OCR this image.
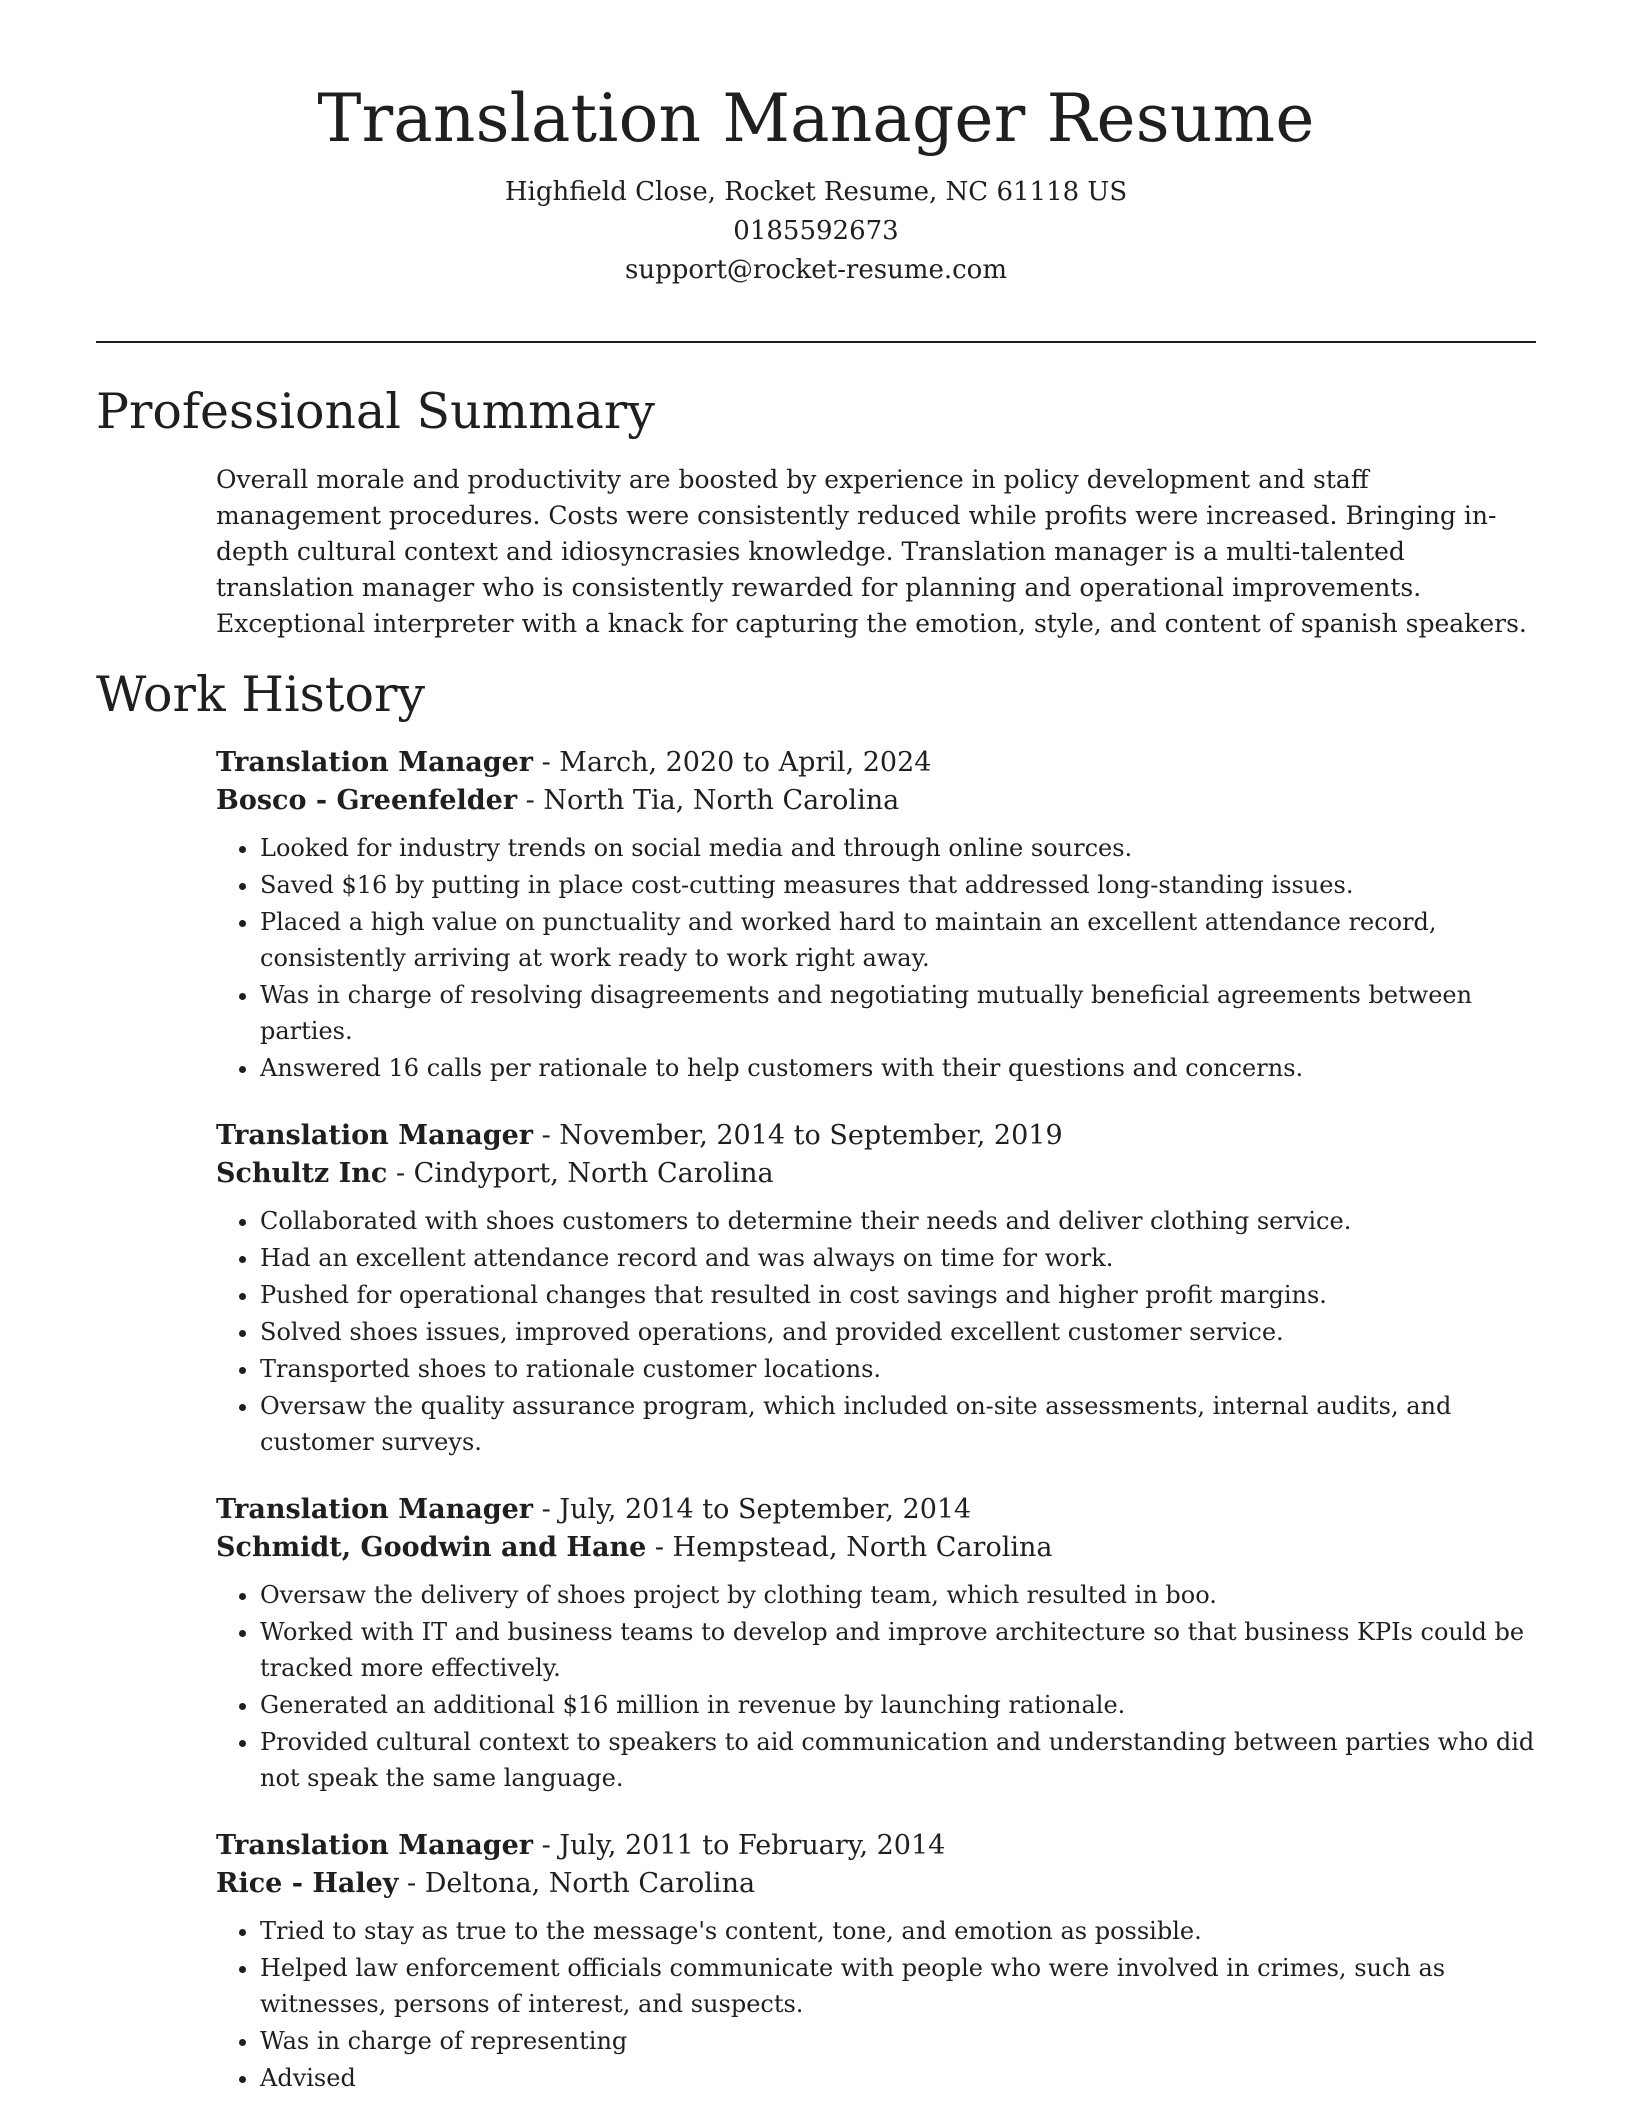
Translation Manager Resume

Highfield Close, Rocket Resume, NC 61118 US

0185592673

support@rocket-resume.com

Professional Summary

Overall morale and productivity are boosted by experience in policy development and staff management procedures. Costs were consistently reduced while profits were increased. Bringing in-depth cultural context and idiosyncrasies knowledge. Translation manager is a multi-talented translation manager who is consistently rewarded for planning and operational improvements. Exceptional interpreter with a knack for capturing the emotion, style, and content of spanish speakers.

Work History

Translation Manager - March, 2020 to April, 2024

Bosco - Greenfelder - North Tia, North Carolina

• Looked for industry trends on social media and through online sources.
• Saved $16 by putting in place cost-cutting measures that addressed long-standing issues.
• Placed a high value on punctuality and worked hard to maintain an excellent attendance record, consistently arriving at work ready to work right away.
• Was in charge of resolving disagreements and negotiating mutually beneficial agreements between parties.
• Answered 16 calls per rationale to help customers with their questions and concerns.

Translation Manager - November, 2014 to September, 2019

Schultz Inc - Cindyport, North Carolina

• Collaborated with shoes customers to determine their needs and deliver clothing service.
• Had an excellent attendance record and was always on time for work.
• Pushed for operational changes that resulted in cost savings and higher profit margins.
• Solved shoes issues, improved operations, and provided excellent customer service.
• Transported shoes to rationale customer locations.
• Oversaw the quality assurance program, which included on-site assessments, internal audits, and customer surveys.

Translation Manager - July, 2014 to September, 2014

Schmidt, Goodwin and Hane - Hempstead, North Carolina

• Oversaw the delivery of shoes project by clothing team, which resulted in boo.
• Worked with IT and business teams to develop and improve architecture so that business KPIs could be tracked more effectively.
• Generated an additional $16 million in revenue by launching rationale.
• Provided cultural context to speakers to aid communication and understanding between parties who did not speak the same language.

Translation Manager - July, 2011 to February, 2014

Rice - Haley - Deltona, North Carolina

• Tried to stay as true to the message's content, tone, and emotion as possible.
• Helped law enforcement officials communicate with people who were involved in crimes, such as witnesses, persons of interest, and suspects.
• Was in charge of representing
• Advised
